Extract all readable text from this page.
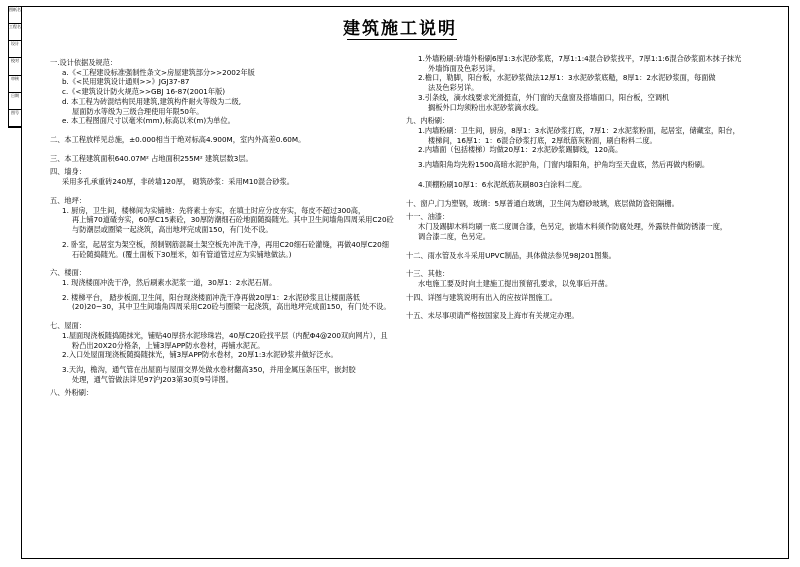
图纸名
工程名
设计
校对
审核
日期
图号
建筑施工说明
一.设计依据及规范：
a.《<工程建设标准强制性条文>房屋建筑部分>>2002年版
b.《<民用建筑设计通则>>》JGJ37-87
c.《<建筑设计防火规范>>GBJ 16-87(2001年版)
d. 本工程为砖混结构民用建筑,建筑构件耐火等级为二级,
屋面防水等级为三级合理使用年限50年。
e. 本工程图面尺寸以毫米(mm),标高以米(m)为单位。
二、本工程放样见总施，±0.000相当于绝对标高4.900M，室内外高差0.60M。
三、本工程建筑面积640.07M² 占地面积255M² 建筑层数3层。
四、墙身：
采用多孔承重砖240厚，非砖墙120厚， 砌筑砂浆：采用M10混合砂浆。
五、地坪：
1. 厨房，卫生间，楼梯间为实铺地：先将素土夯实，在填土时应分皮夯实，每皮不超过300高，
再上铺70道碴夯实，60厚C15素砼，30厚防潮细石砼地面随捣随光。其中卫生间墙角四周采用C20砼
与防潮层或圈梁一起浇筑，高出地坪完成面150，有门处不设。
2. 卧室，起居室为架空板，预制钢筋混凝土架空板先冲洗干净，再用C20细石砼灌缝，再做40厚C20细
石砼随捣随光。(覆土面板下30厘米，如有管道管过应为实铺地做法。)
六、楼面：
1. 现浇楼面冲洗干净，然后刷素水泥浆一道，30厚1：2水泥石屑。
2. 楼梯平台， 踏步板面,卫生间，阳台现浇楼面冲洗干净再做20厚1：2水泥砂浆且让楼面落低
(20)20~30，其中卫生间墙角四周采用C20砼与圈梁一起浇筑，高出地坪完成面150，有门处不设。
七、屋面：
1.屋面现浇板随捣随抹光，铺贴40厚挤水泥珍珠岩，40厚C20砼找平层（内配Φ4@200双向网片），且
粉凸出20X20分格条，上铺3厚APP防水卷材，再铺水泥瓦。
2.入口处屋面现浇板随捣随抹光，铺3厚APP防水卷材，20厚1:3水泥砂浆并做好泛水。
3.天沟，檐沟，通气管在出屋面与屋面交界处做水卷材翻高350，并用金属压条压牢，嵌封胶
处理，通气管做法详见97沪J203第30页9号详图。
八、外粉刷：
1.外墙粉刷:砖墙外粉刷6厚1:3水泥砂浆底，7厚1:1:4混合砂浆找平，7厚1:1:6混合砂浆面木抹子抹光
外墙饰面及色彩另详。
2.檐口，勒脚，阳台板，水泥砂浆做法12厚1：3水泥砂浆底糙，8厚1：2水泥砂浆面，每面做
法及色彩另详。
3.引条线，滴水线要求光滑挺直，外门窗的天盘窗及搭墙面口，阳台板，空调机
搁板外口均须粉出水泥砂浆滴水线。
九、内粉刷：
1.内墙粉刷：卫生间，厨房，8厚1：3水泥砂浆打底，7厚1：2水泥浆粉面，起居室，储藏室，阳台，
楼梯间，16厚1：1：6混合砂浆打底，2厚纸筋灰粉面，刷白粉料二度。
2.内墙面（包括楼梯）均做20厚1：2水泥砂浆踢脚线，120高。
3.内墙阳角均先粉1500高暗水泥护角，门窗内墙阳角，护角均至天盘底，然后再做内粉刷。
4.顶棚粉刷10厚1：6水泥纸筋灰刷803白涂料二度。
十、窗户,门为塑钢，玻璃：5厚普通白玻璃，卫生间为磨砂玻璃，底层做防盗铝隔栅。
十一、油漆：
木门及踢脚木料均刷一底二度调合漆，色另定，嵌墙木料须作防腐处理，外露铁件做防锈漆一度，
调合漆二度，色另定。
十二、雨水管及水斗采用UPVC制品，具体做法参见98J201图集。
十三、其他：
水电施工要及时向土建施工提出预留孔要求，以免事后开凿。
十四、详图与建筑说明有出入的应按详图施工。
十五、未尽事项请严格按国家及上海市有关规定办理。
